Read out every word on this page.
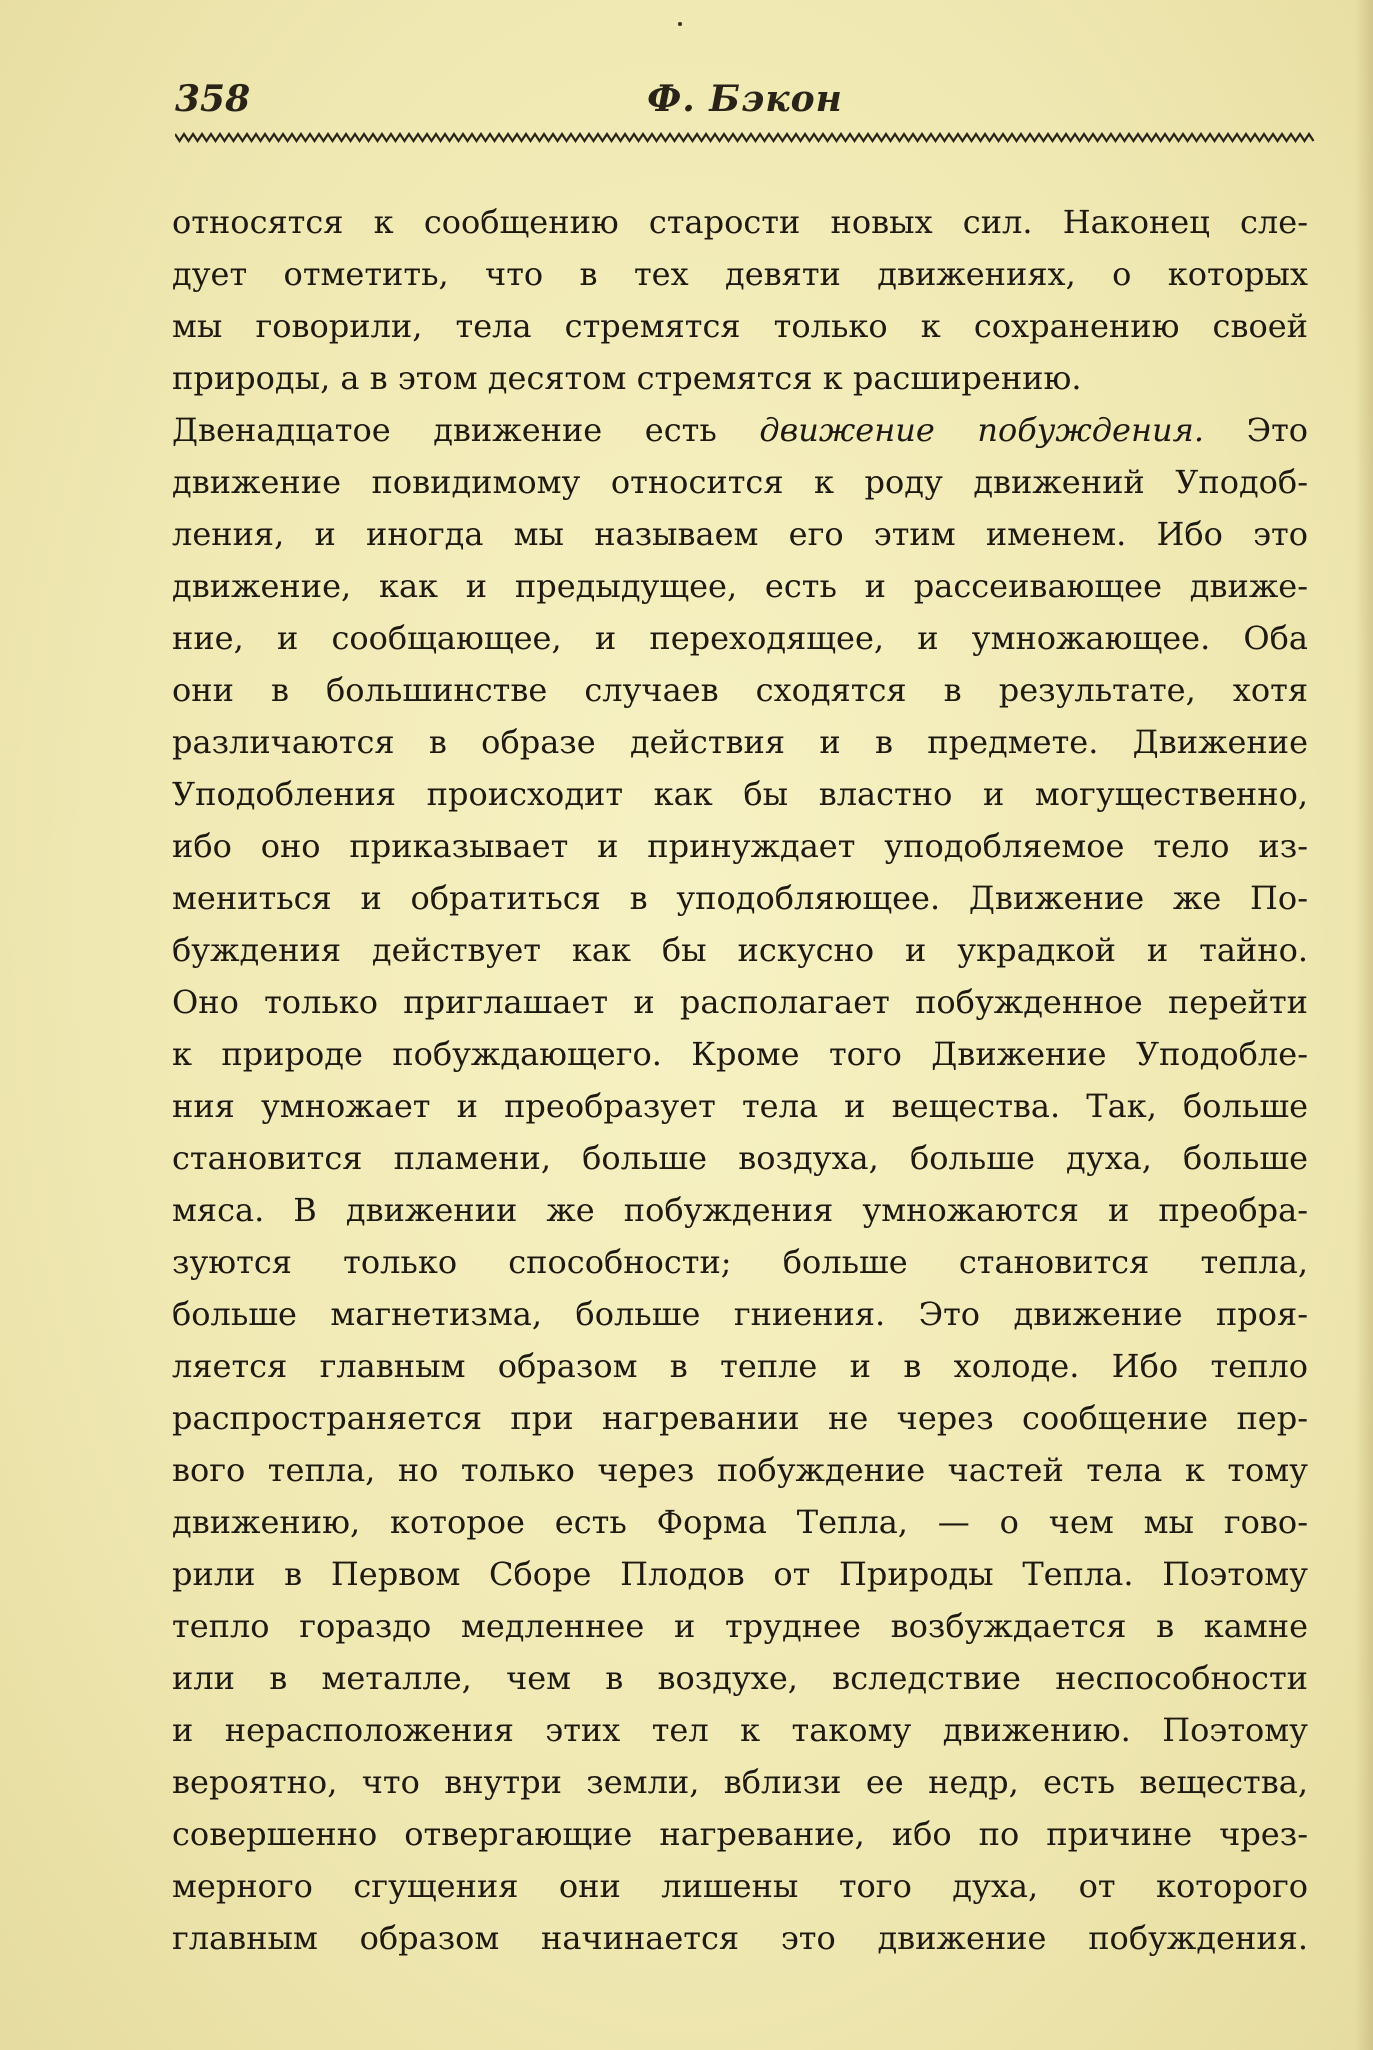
358	Ф. Бэкон
относятся к сообщению старости новых сил. Наконец сле-
дует отметить, что в тех девяти движениях, о которых
мы говорили, тела стремятся только к сохранению своей
природы, а в этом десятом стремятся к расширению.
Двенадцатое движение есть движение побуждения. Это
движение повидимому относится к роду движений Уподоб-
ления, и иногда мы называем его этим именем. Ибо это
движение, как и предыдущее, есть и рассеивающее движе-
ние, и сообщающее, и переходящее, и умножающее. Оба
они в большинстве случаев сходятся в результате, хотя
различаются в образе действия и в предмете. Движение
Уподобления происходит как бы властно и могущественно,
ибо оно приказывает и принуждает уподобляемое тело из-
мениться и обратиться в уподобляющее. Движение же По-
буждения действует как бы искусно и украдкой и тайно.
Оно только приглашает и располагает побужденное перейти
к природе побуждающего. Кроме того Движение Уподобле-
ния умножает и преобразует тела и вещества. Так, больше
становится пламени, больше воздуха, больше духа, больше
мяса. В движении же побуждения умножаются и преобра-
зуются только способности; больше становится тепла,
больше магнетизма, больше гниения. Это движение проя-
ляется главным образом в тепле и в холоде. Ибо тепло
распространяется при нагревании не через сообщение пер-
вого тепла, но только через побуждение частей тела к тому
движению, которое есть Форма Тепла, — о чем мы гово-
рили в Первом Сборе Плодов от Природы Тепла. Поэтому
тепло гораздо медленнее и труднее возбуждается в камне
или в металле, чем в воздухе, вследствие неспособности
и нерасположения этих тел к такому движению. Поэтому
вероятно, что внутри земли, вблизи ее недр, есть вещества,
совершенно отвергающие нагревание, ибо по причине чрез-
мерного сгущения они лишены того духа, от которого
главным образом начинается это движение побуждения.
